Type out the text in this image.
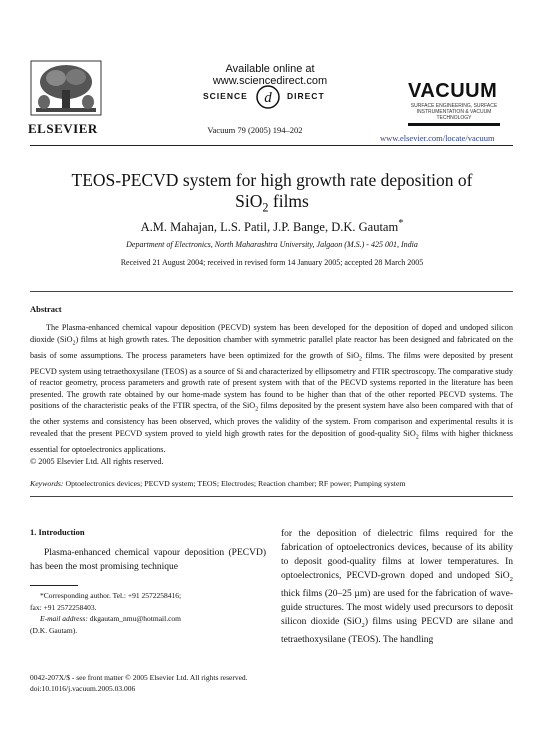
ELSEVIER
Available online at www.sciencedirect.com
SCIENCE d DIRECT
Vacuum 79 (2005) 194–202
VACUUM
SURFACE ENGINEERING, SURFACE INSTRUMENTATION & VACUUM TECHNOLOGY
www.elsevier.com/locate/vacuum
TEOS-PECVD system for high growth rate deposition of
SiO$_2$ films
A.M. Mahajan, L.S. Patil, J.P. Bange, D.K. Gautam*
Department of Electronics, North Maharashtra University, Jalgaon (M.S.) - 425 001, India
Received 21 August 2004; received in revised form 14 January 2005; accepted 28 March 2005
Abstract
The Plasma-enhanced chemical vapour deposition (PECVD) system has been developed for the deposition of doped and undoped silicon dioxide (SiO$_2$) films at high growth rates. The deposition chamber with symmetric parallel plate reactor has been designed and fabricated on the basis of some assumptions. The process parameters have been optimized for the growth of SiO$_2$ films. The films were deposited by present PECVD system using tetraethoxysilane (TEOS) as a source of Si and characterized by ellipsometry and FTIR spectroscopy. The comparative study of reactor geometry, process parameters and growth rate of present system with that of the PECVD systems reported in the literature has been presented. The growth rate obtained by our home-made system has found to be higher than that of the other reported PECVD systems. The positions of the characteristic peaks of the FTIR spectra, of the SiO$_2$ films deposited by the present system have also been compared with that of the other systems and consistency has been observed, which proves the validity of the system. From comparison and experimental results it is revealed that the present PECVD system proved to yield high growth rates for the deposition of good-quality SiO$_2$ films with higher thickness essential for optoelectronics applications.
© 2005 Elsevier Ltd. All rights reserved.
Keywords: Optoelectronics devices; PECVD system; TEOS; Electrodes; Reaction chamber; RF power; Pumping system
1. Introduction
Plasma-enhanced chemical vapour deposition (PECVD) has been the most promising technique
for the deposition of dielectric films required for the fabrication of optoelectronics devices, because of its ability to deposit good-quality films at lower temperatures. In optoelectronics, PECVD-grown doped and undoped SiO$_2$ thick films (20–25 µm) are used for the fabrication of wave-guide structures. The most widely used precursors to deposit silicon dioxide (SiO$_2$) films using PECVD are silane and tetraethoxysilane (TEOS). The handling
*Corresponding author. Tel.: +91 2572258416;
fax: +91 2572258403.
E-mail address: dkgautam_nmu@hotmail.com
(D.K. Gautam).
0042-207X/$ - see front matter © 2005 Elsevier Ltd. All rights reserved.
doi:10.1016/j.vacuum.2005.03.006
